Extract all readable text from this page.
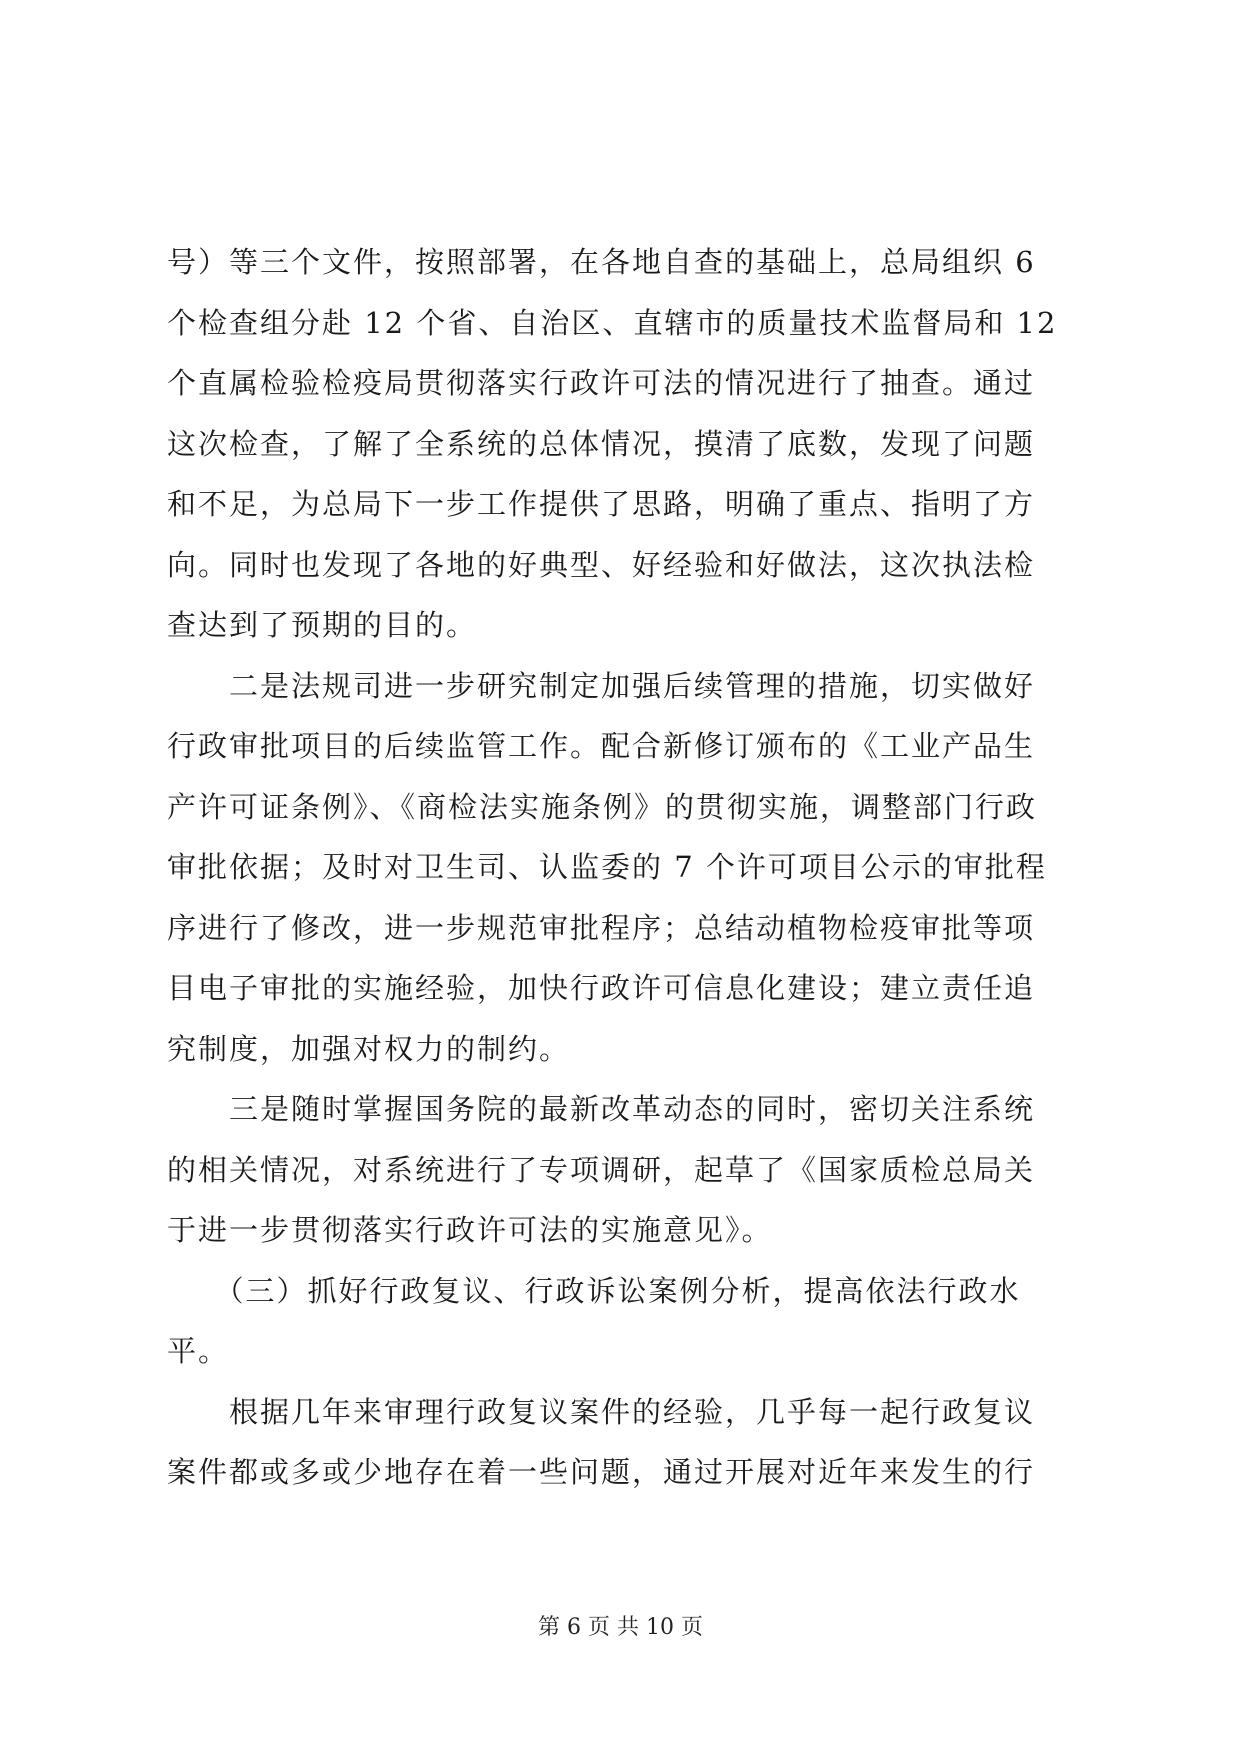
号）等三个文件，按照部署，在各地自查的基础上，总局组织 6
个检查组分赴 12 个省、自治区、直辖市的质量技术监督局和 12
个直属检验检疫局贯彻落实行政许可法的情况进行了抽查。通过
这次检查，了解了全系统的总体情况，摸清了底数，发现了问题
和不足，为总局下一步工作提供了思路，明确了重点、指明了方
向。同时也发现了各地的好典型、好经验和好做法，这次执法检
查达到了预期的目的。
　　二是法规司进一步研究制定加强后续管理的措施，切实做好
行政审批项目的后续监管工作。配合新修订颁布的《工业产品生
产许可证条例》、《商检法实施条例》的贯彻实施，调整部门行政
审批依据；及时对卫生司、认监委的 7 个许可项目公示的审批程
序进行了修改，进一步规范审批程序；总结动植物检疫审批等项
目电子审批的实施经验，加快行政许可信息化建设；建立责任追
究制度，加强对权力的制约。
　　三是随时掌握国务院的最新改革动态的同时，密切关注系统
的相关情况，对系统进行了专项调研，起草了《国家质检总局关
于进一步贯彻落实行政许可法的实施意见》。
　　（三）抓好行政复议、行政诉讼案例分析，提高依法行政水
平。
　　根据几年来审理行政复议案件的经验，几乎每一起行政复议
案件都或多或少地存在着一些问题，通过开展对近年来发生的行
第 6 页 共 10 页
